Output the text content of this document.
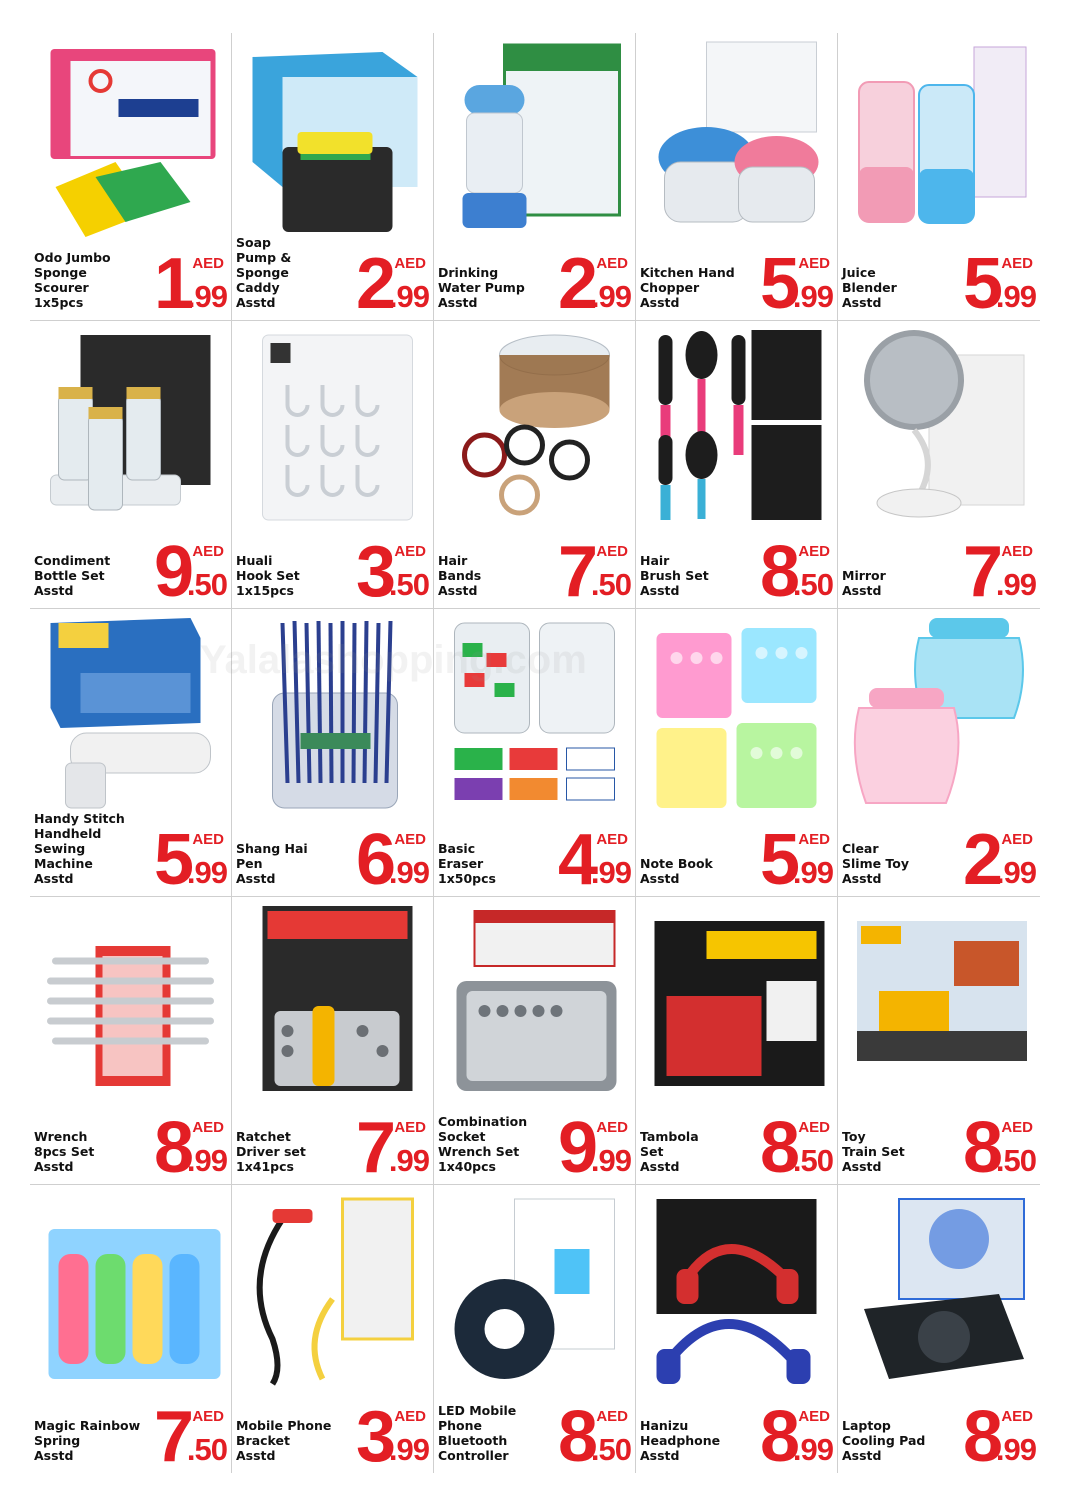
Odo Jumbo
Sponge Scourer
1x5pcs 1 AED
.99
Soap
Pump & Sponge
Caddy
Asstd	2 AED
.99
Drinking
Water Pump
Asstd	2 AED
.99
Kitchen Hand
Chopper
Asstd	5 AED
.99
Juice
Blender
Asstd	5 AED
.99
Condiment
Bottle Set
Asstd	9 AED
.50
Huali
Hook Set
1x15pcs 3 AED
.50
Hair
Bands
Asstd	7 AED
.50
Hair
Brush Set
Asstd	8 AED
.50 Mirror
Asstd	7 AED
.99
Handy Stitch
Handheld
Sewing Machine
Asstd	5 AED
.99
Shang Hai
Pen
Asstd	6 AED
.99
Basic
Eraser
1x50pcs 4 AED
.99 Note Book
Asstd	5 AED
.99
Clear
Slime Toy
Asstd	2 AED
.99
Wrench
8pcs Set
Asstd	8 AED
.99
Ratchet
Driver set
1x41pcs 7 AED
.99
Combination
Socket
Wrench Set
1x40pcs 9 AED
.99
Tambola
Set
Asstd	8 AED
.50
Toy
Train Set
Asstd	8 AED
.50
Magic Rainbow
Spring
Asstd	7 AED
.50
Mobile Phone
Bracket
Asstd	3 AED
.99
LED Mobile
Phone Bluetooth
Controller 8 AED
.50
Hanizu
Headphone
Asstd	8 AED
.99
Laptop
Cooling Pad
Asstd	8 AED
.99
Yalalashopping.com
